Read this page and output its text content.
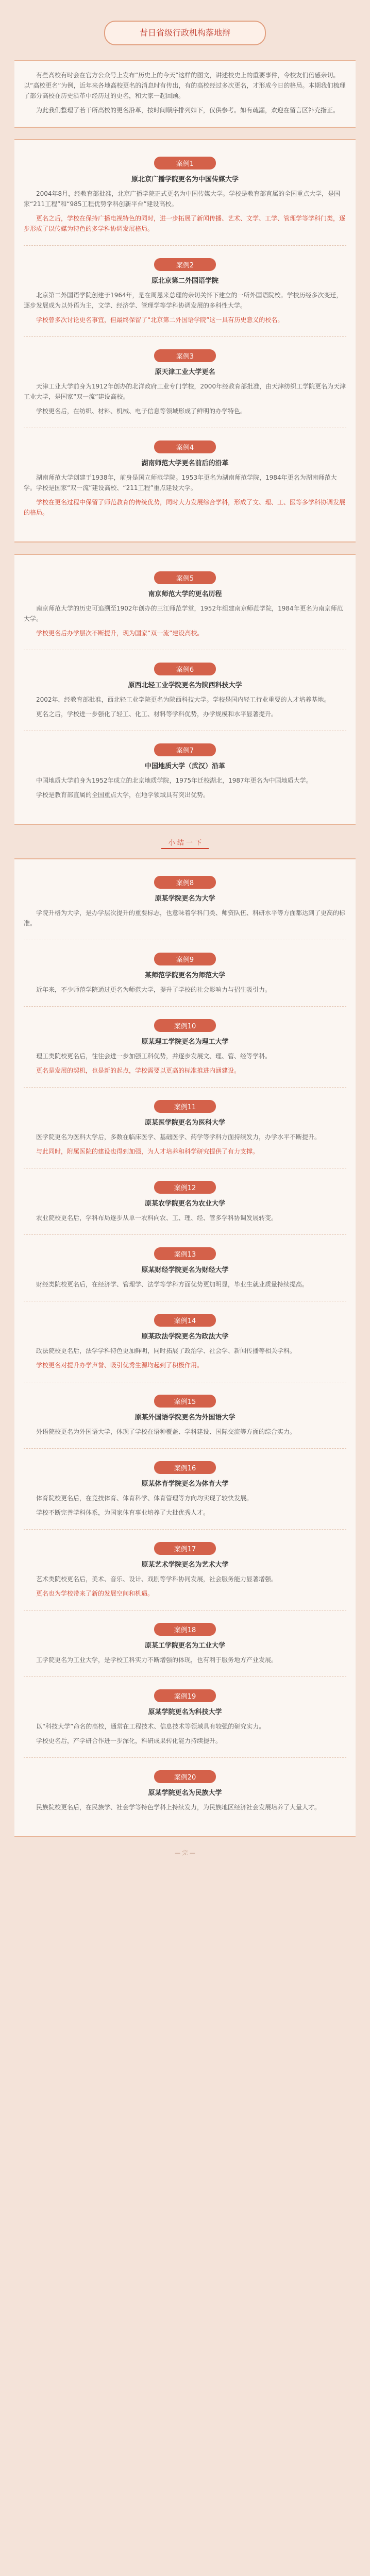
昔日省级行政机构落地辩

有些高校有时会在官方公众号上发布“历史上的今天”这样的图文，讲述校史上的重要事件，令校友们倍感亲切。以“高校更名”为例，近年来各地高校更名的消息时有传出，有的高校经过多次更名，才形成今日的格局。本期我们梳理了部分高校在历史沿革中经历过的更名，和大家一起回顾。

为此我们整理了若干所高校的更名沿革，按时间顺序排列如下，仅供参考。如有疏漏，欢迎在留言区补充指正。

案例1
原北京广播学院更名为中国传媒大学

2004年8月，经教育部批准，北京广播学院正式更名为中国传媒大学。学校是教育部直属的全国重点大学，是国家“211工程”和“985工程优势学科创新平台”建设高校。

更名之后，学校在保持广播电视特色的同时，进一步拓展了新闻传播、艺术、文学、工学、管理学等学科门类，逐步形成了以传媒为特色的多学科协调发展格局。

案例2
原北京第二外国语学院

北京第二外国语学院创建于1964年，是在周恩来总理的亲切关怀下建立的一所外国语院校。学校历经多次变迁，逐步发展成为以外语为主，文学、经济学、管理学等学科协调发展的多科性大学。

学校曾多次讨论更名事宜，但最终保留了“北京第二外国语学院”这一具有历史意义的校名。

案例3
原天津工业大学更名

天津工业大学前身为1912年创办的北洋政府工业专门学校，2000年经教育部批准，由天津纺织工学院更名为天津工业大学，是国家“双一流”建设高校。

学校更名后，在纺织、材料、机械、电子信息等领域形成了鲜明的办学特色。

案例4
湖南师范大学更名前后的沿革

湖南师范大学创建于1938年，前身是国立师范学院。1953年更名为湖南师范学院，1984年更名为湖南师范大学。学校是国家“双一流”建设高校、“211工程”重点建设大学。

学校在更名过程中保留了师范教育的传统优势，同时大力发展综合学科，形成了文、理、工、医等多学科协调发展的格局。

案例5
南京师范大学的更名历程

南京师范大学的历史可追溯至1902年创办的三江师范学堂，1952年组建南京师范学院，1984年更名为南京师范大学。

学校更名后办学层次不断提升，现为国家“双一流”建设高校。

案例6
原西北轻工业学院更名为陕西科技大学

2002年，经教育部批准，西北轻工业学院更名为陕西科技大学。学校是国内轻工行业重要的人才培养基地。

更名之后，学校进一步强化了轻工、化工、材料等学科优势，办学规模和水平显著提升。

案例7
中国地质大学（武汉）沿革

中国地质大学前身为1952年成立的北京地质学院，1975年迁校湖北，1987年更名为中国地质大学。

学校是教育部直属的全国重点大学，在地学领域具有突出优势。

小 结 一 下
案例8
原某学院更名为大学

学院升格为大学，是办学层次提升的重要标志，也意味着学科门类、师资队伍、科研水平等方面都达到了更高的标准。

案例9
某师范学院更名为师范大学

近年来，不少师范学院通过更名为师范大学，提升了学校的社会影响力与招生吸引力。

案例10
原某理工学院更名为理工大学

理工类院校更名后，往往会进一步加强工科优势，并逐步发展文、理、管、经等学科。

更名是发展的契机，也是新的起点，学校需要以更高的标准推进内涵建设。

案例11
原某医学院更名为医科大学

医学院更名为医科大学后，多数在临床医学、基础医学、药学等学科方面持续发力，办学水平不断提升。

与此同时，附属医院的建设也得到加强，为人才培养和科学研究提供了有力支撑。

案例12
原某农学院更名为农业大学

农业院校更名后，学科布局逐步从单一农科向农、工、理、经、管多学科协调发展转变。

案例13
原某财经学院更名为财经大学

财经类院校更名后，在经济学、管理学、法学等学科方面优势更加明显，毕业生就业质量持续提高。

案例14
原某政法学院更名为政法大学

政法院校更名后，法学学科特色更加鲜明，同时拓展了政治学、社会学、新闻传播等相关学科。

学校更名对提升办学声誉、吸引优秀生源均起到了积极作用。

案例15
原某外国语学院更名为外国语大学

外语院校更名为外国语大学，体现了学校在语种覆盖、学科建设、国际交流等方面的综合实力。

案例16
原某体育学院更名为体育大学

体育院校更名后，在竞技体育、体育科学、体育管理等方向均实现了较快发展。

学校不断完善学科体系，为国家体育事业培养了大批优秀人才。

案例17
原某艺术学院更名为艺术大学

艺术类院校更名后，美术、音乐、设计、戏剧等学科协同发展，社会服务能力显著增强。

更名也为学校带来了新的发展空间和机遇。

案例18
原某工学院更名为工业大学

工学院更名为工业大学，是学校工科实力不断增强的体现，也有利于服务地方产业发展。

案例19
原某学院更名为科技大学

以“科技大学”命名的高校，通常在工程技术、信息技术等领域具有较强的研究实力。

学校更名后，产学研合作进一步深化，科研成果转化能力持续提升。

案例20
原某学院更名为民族大学

民族院校更名后，在民族学、社会学等特色学科上持续发力，为民族地区经济社会发展培养了大量人才。

— 完 —
